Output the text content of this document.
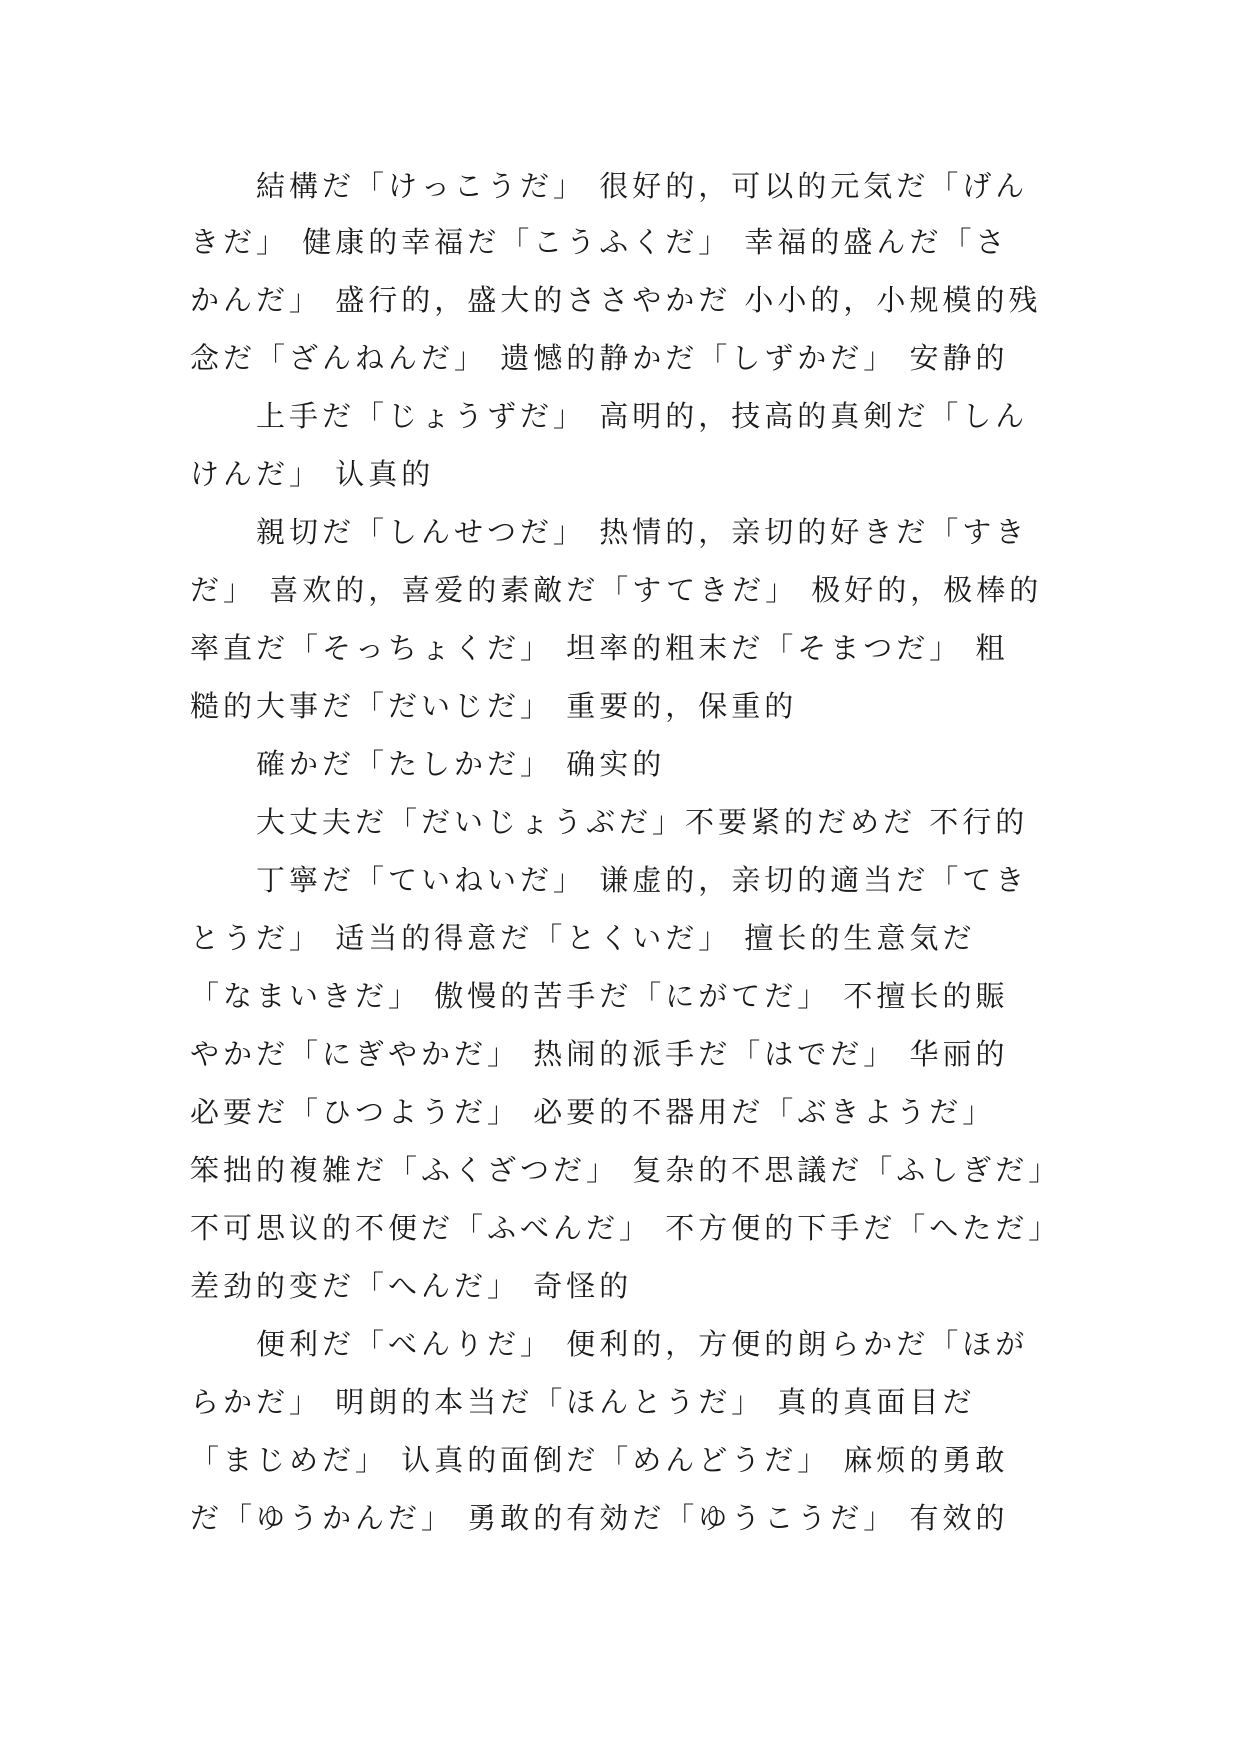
結構だ「けっこうだ」 很好的，可以的元気だ「げん
きだ」 健康的幸福だ「こうふくだ」 幸福的盛んだ「さ
かんだ」 盛行的，盛大的ささやかだ 小小的，小规模的残
念だ「ざんねんだ」 遗憾的静かだ「しずかだ」 安静的
上手だ「じょうずだ」 高明的，技高的真剣だ「しん
けんだ」 认真的
親切だ「しんせつだ」 热情的，亲切的好きだ「すき
だ」 喜欢的，喜爱的素敵だ「すてきだ」 极好的，极棒的
率直だ「そっちょくだ」 坦率的粗末だ「そまつだ」 粗
糙的大事だ「だいじだ」 重要的，保重的
確かだ「たしかだ」 确实的
大丈夫だ「だいじょうぶだ」不要紧的だめだ 不行的
丁寧だ「ていねいだ」 谦虚的，亲切的適当だ「てき
とうだ」 适当的得意だ「とくいだ」 擅长的生意気だ
「なまいきだ」 傲慢的苦手だ「にがてだ」 不擅长的賑
やかだ「にぎやかだ」 热闹的派手だ「はでだ」 华丽的
必要だ「ひつようだ」 必要的不器用だ「ぶきようだ」
笨拙的複雑だ「ふくざつだ」 复杂的不思議だ「ふしぎだ」
不可思议的不便だ「ふべんだ」 不方便的下手だ「へただ」
差劲的变だ「へんだ」 奇怪的
便利だ「べんりだ」 便利的，方便的朗らかだ「ほが
らかだ」 明朗的本当だ「ほんとうだ」 真的真面目だ
「まじめだ」 认真的面倒だ「めんどうだ」 麻烦的勇敢
だ「ゆうかんだ」 勇敢的有効だ「ゆうこうだ」 有效的
